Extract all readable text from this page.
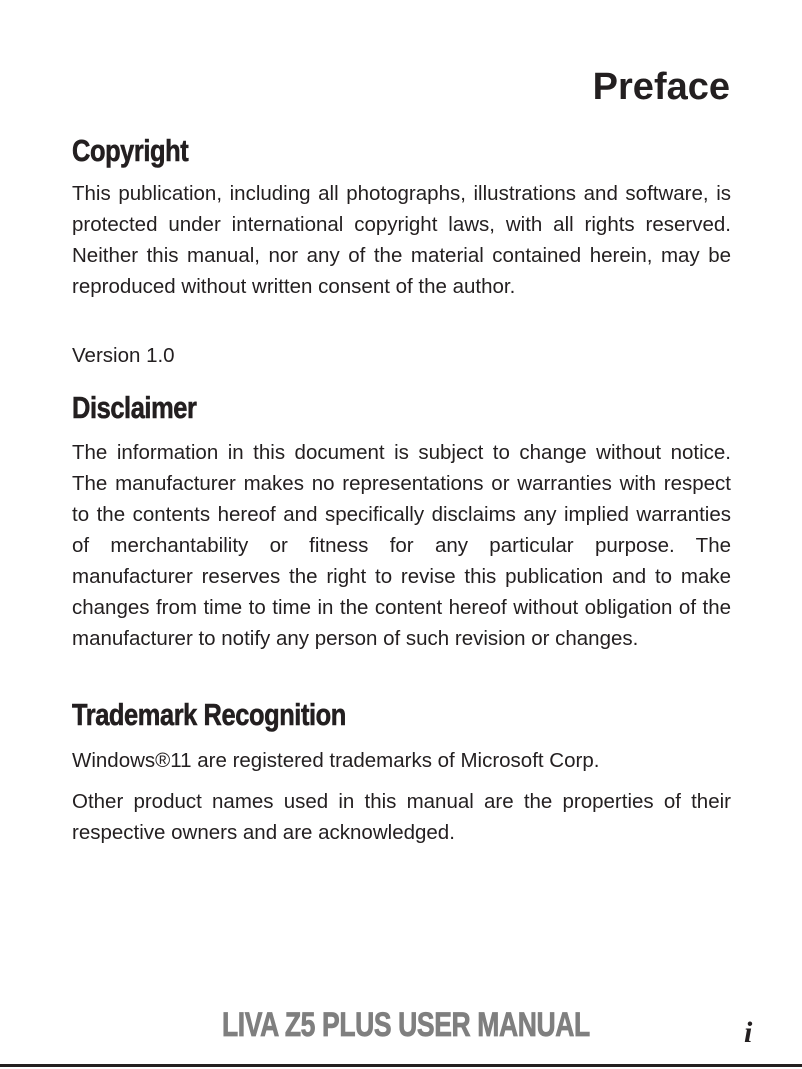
Preface
Copyright

This publication, including all photographs, illustrations and software, is protected under international copyright laws, with all rights reserved. Neither this manual, nor any of the material contained herein, may be reproduced without written consent of the author.

Version 1.0

Disclaimer

The information in this document is subject to change without notice. The manufacturer makes no representations or warranties with respect to the contents hereof and specifically disclaims any implied warranties of merchantability or fitness for any particular purpose. The manufacturer reserves the right to revise this publication and to make changes from time to time in the content hereof without obligation of the manufacturer to notify any person of such revision or changes.

Trademark Recognition

Windows®11 are registered trademarks of Microsoft Corp.

Other product names used in this manual are the properties of their respective owners and are acknowledged.

LIVA Z5 PLUS USER MANUAL	i
